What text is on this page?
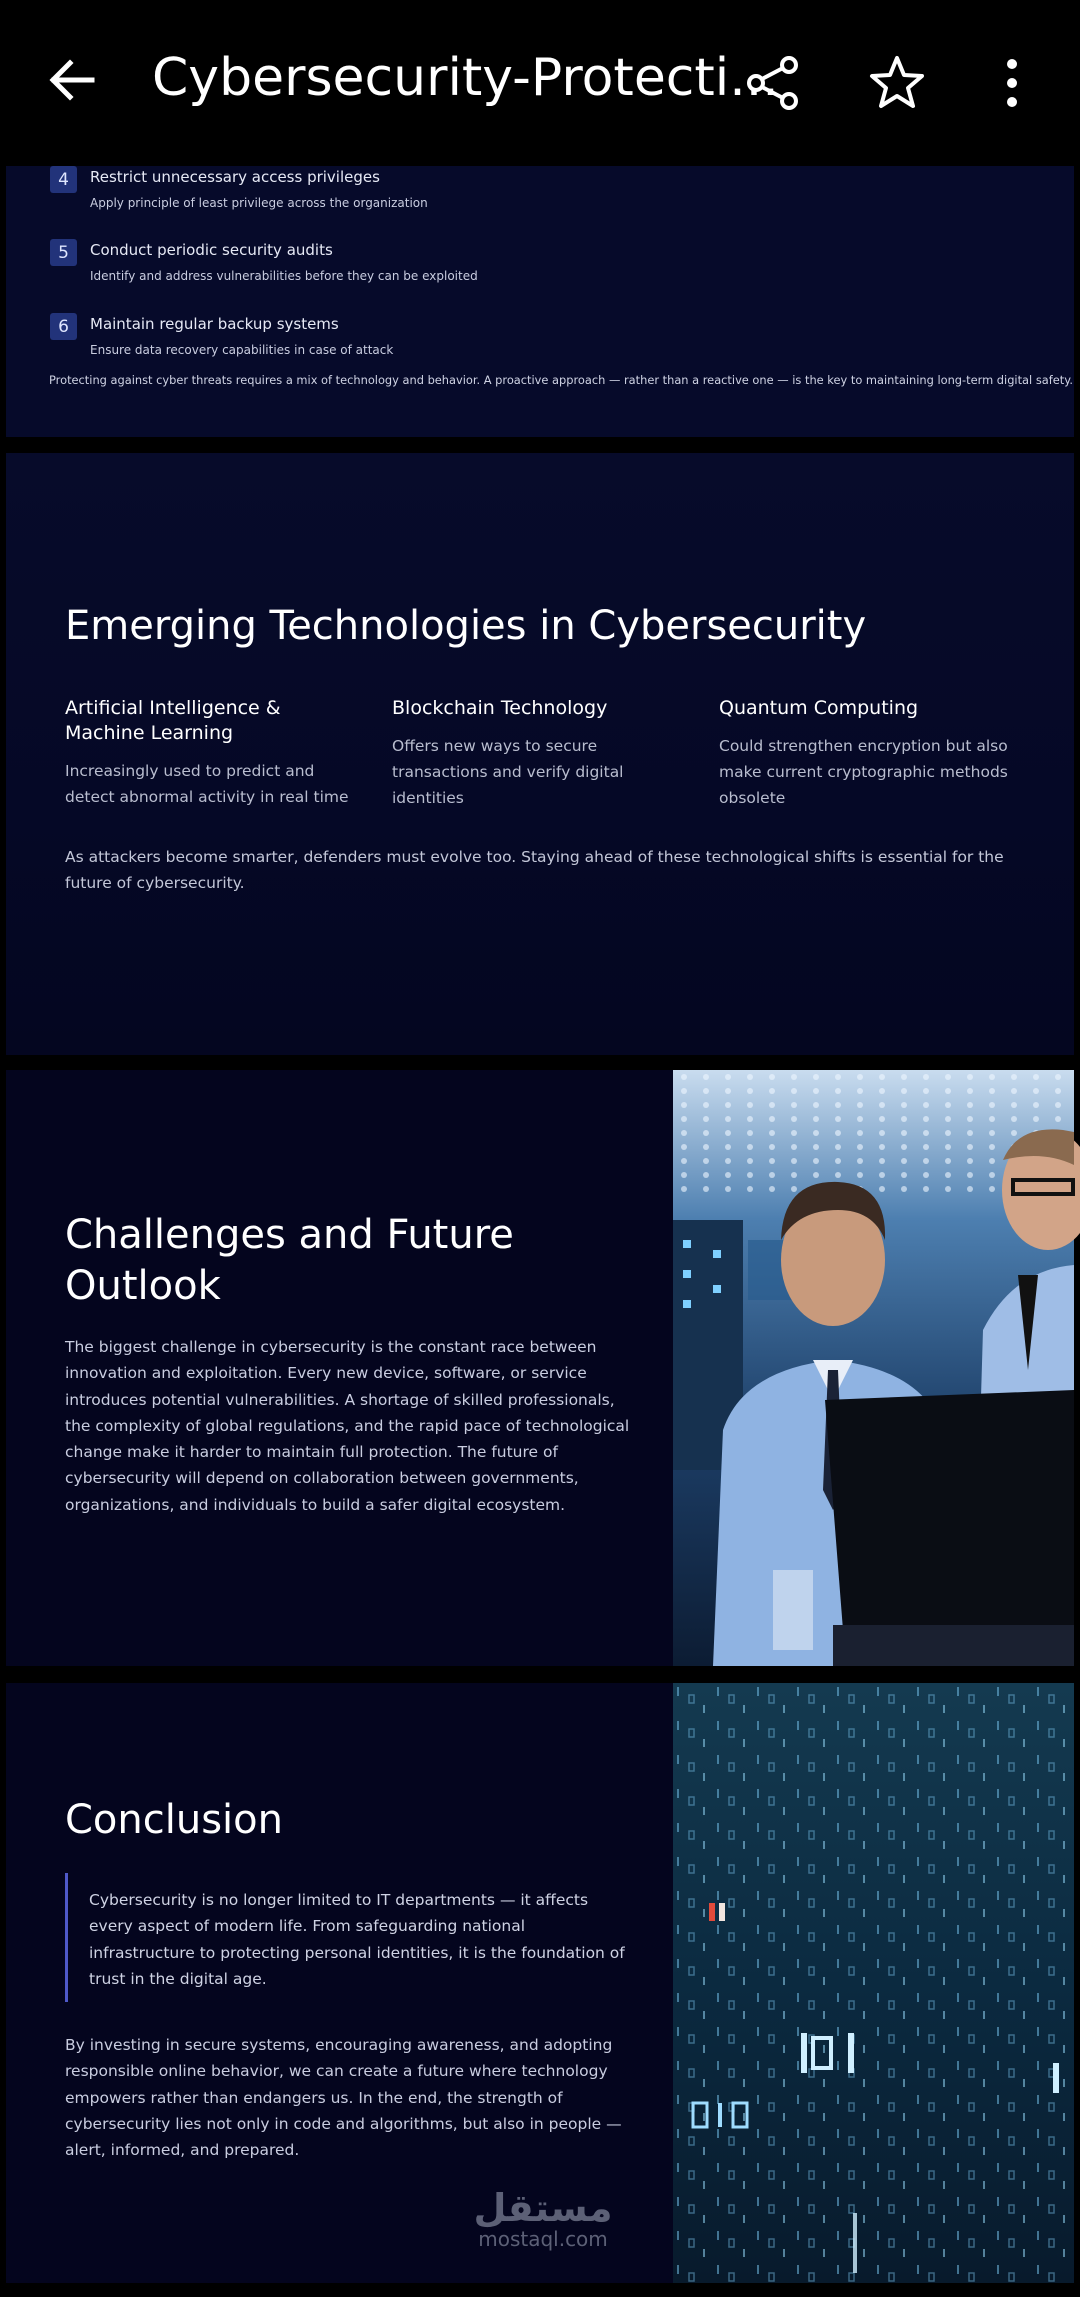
Cybersecurity-Protecti...
4	Restrict unnecessary access privileges
Apply principle of least privilege across the organization
5	Conduct periodic security audits
Identify and address vulnerabilities before they can be exploited
6	Maintain regular backup systems
Ensure data recovery capabilities in case of attack
Protecting against cyber threats requires a mix of technology and behavior. A proactive approach — rather than a reactive one — is the key to maintaining long-term digital safety.
Emerging Technologies in Cybersecurity
Artificial Intelligence & Machine Learning
Increasingly used to predict and detect abnormal activity in real time
Blockchain Technology
Offers new ways to secure transactions and verify digital identities
Quantum Computing
Could strengthen encryption but also make current cryptographic methods obsolete
As attackers become smarter, defenders must evolve too. Staying ahead of these technological shifts is essential for the future of cybersecurity.
Challenges and Future Outlook
The biggest challenge in cybersecurity is the constant race between innovation and exploitation. Every new device, software, or service introduces potential vulnerabilities. A shortage of skilled professionals, the complexity of global regulations, and the rapid pace of technological change make it harder to maintain full protection. The future of cybersecurity will depend on collaboration between governments, organizations, and individuals to build a safer digital ecosystem.
Conclusion

Cybersecurity is no longer limited to IT departments — it affects every aspect of modern life. From safeguarding national infrastructure to protecting personal identities, it is the foundation of trust in the digital age.

By investing in secure systems, encouraging awareness, and adopting responsible online behavior, we can create a future where technology empowers rather than endangers us. In the end, the strength of cybersecurity lies not only in code and algorithms, but also in people — alert, informed, and prepared.
مستقل
mostaql.com
